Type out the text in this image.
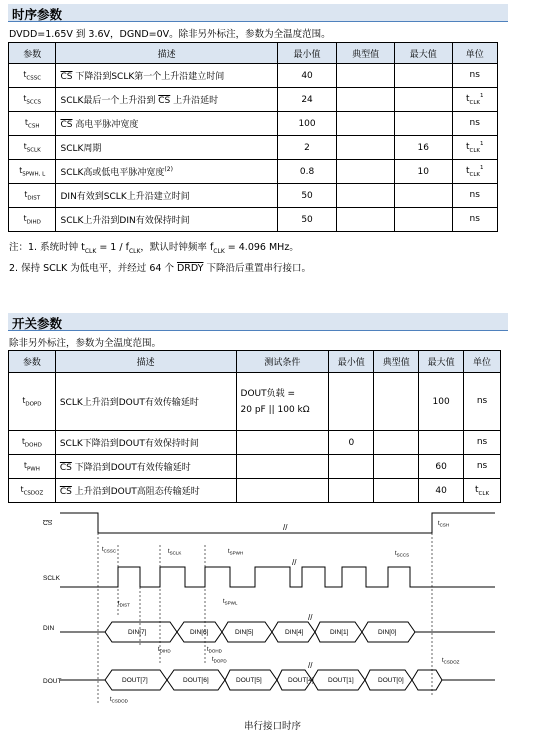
时序参数
DVDD=1.65V 到 3.6V，DGND=0V。除非另外标注，参数为全温度范围。
参数	描述	最小值	典型值	最大值	单位
$t_{CSSC}$	$\overline{CS}$ 下降沿到SCLK第一个上升沿建立时间	40			ns
$t_{SCCS}$	SCLK最后一个上升沿到 $\overline{CS}$ 上升沿延时	24			$t_{CLK}^1$
$t_{CSH}$	$\overline{CS}$ 高电平脉冲宽度	100			ns
$t_{SCLK}$	SCLK周期	2		16	$t_{CLK}^1$
$t_{SPWH, L}$	SCLK高或低电平脉冲宽度$^{(2)}$	0.8		10	$t_{CLK}^1$
$t_{DIST}$	DIN有效到SCLK上升沿建立时间	50			ns
$t_{DIHD}$	SCLK上升沿到DIN有效保持时间	50			ns
注：1. 系统时钟 $t_{CLK} = 1 / f_{CLK}$，默认时钟频率 $f_{CLK} = 4.096$ MHz。
2. 保持 SCLK 为低电平，并经过 64 个 DRDY 下降沿后重置串行接口。
开关参数
除非另外标注，参数为全温度范围。
参数	描述	测试条件	最小值	典型值	最大值	单位
$t_{DOPD}$	SCLK上升沿到DOUT有效传输延时	DOUT负载 =
20 pF || 100 kΩ			100	ns
$t_{DOHD}$	SCLK下降沿到DOUT有效保持时间		0			ns
$t_{PWH}$	$\overline{CS}$ 下降沿到DOUT有效传输延时				60	ns
$t_{CSDOZ}$	$\overline{CS}$ 上升沿到DOUT高阻态传输延时				40	$t_{CLK}$
//
//
//
//
CS
SCLK
DIN
DOUT
DIN[7]	DIN[6]	DIN[5]	DIN[4]	DIN[1]	DIN[0]
DOUT[7]	DOUT[6]	DOUT[5]	DOUT[4] DOUT[1]	DOUT[0]
$t_{CSSC}$	$t_{SCLK}$	$t_{SPWH}$
$t_{SPWL}$
$t_{SCCS}$
$t_{CSH}$
$t_{DIST}$
$t_{DIHD}$
$t_{CSDOD}$
$t_{DOHD}$
$t_{DOPD}$	$t_{CSDOZ}$
串行接口时序
